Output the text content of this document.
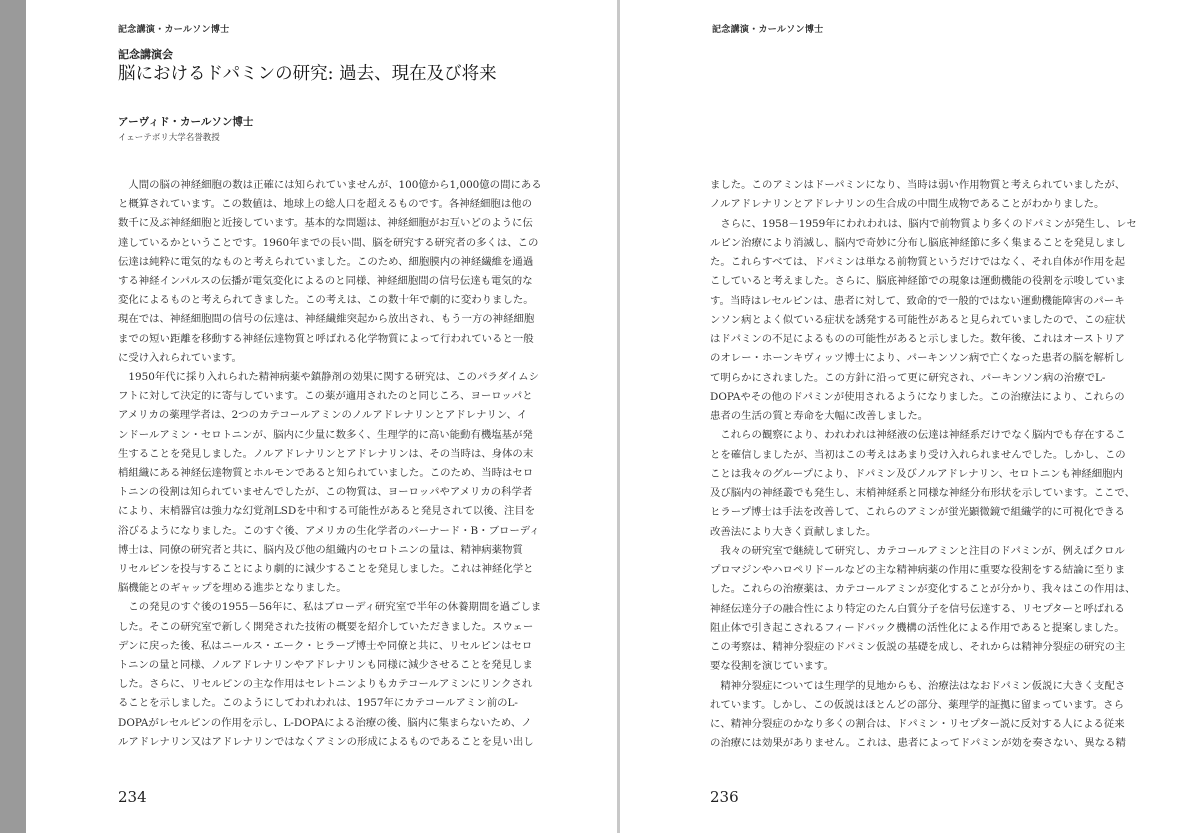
記念講演・カールソン博士
記念講演会
脳におけるドパミンの研究: 過去、現在及び将来
アーヴィド・カールソン博士
イェーテボリ大学名誉教授
　人間の脳の神経細胞の数は正確には知られていませんが、100億から1,000億の間にある
と概算されています。この数値は、地球上の総人口を超えるものです。各神経細胞は他の
数千に及ぶ神経細胞と近接しています。基本的な問題は、神経細胞がお互いどのように伝
達しているかということです。1960年までの長い間、脳を研究する研究者の多くは、この
伝達は純粋に電気的なものと考えられていました。このため、細胞膜内の神経繊維を通過
する神経インパルスの伝播が電気変化によるのと同様、神経細胞間の信号伝達も電気的な
変化によるものと考えられてきました。この考えは、この数十年で劇的に変わりました。
現在では、神経細胞間の信号の伝達は、神経繊維突起から放出され、もう一方の神経細胞
までの短い距離を移動する神経伝達物質と呼ばれる化学物質によって行われていると一般
に受け入れられています。
　1950年代に採り入れられた精神病薬や鎮静剤の効果に関する研究は、このパラダイムシ
フトに対して決定的に寄与しています。この薬が適用されたのと同じころ、ヨーロッパと
アメリカの薬理学者は、2つのカテコールアミンのノルアドレナリンとアドレナリン、イ
ンドールアミン・セロトニンが、脳内に少量に数多く、生理学的に高い能動有機塩基が発
生することを発見しました。ノルアドレナリンとアドレナリンは、その当時は、身体の末
梢組織にある神経伝達物質とホルモンであると知られていました。このため、当時はセロ
トニンの役割は知られていませんでしたが、この物質は、ヨーロッパやアメリカの科学者
により、末梢器官は強力な幻覚剤LSDを中和する可能性があると発見されて以後、注目を
浴びるようになりました。このすぐ後、アメリカの生化学者のバーナード・B・ブローディ
博士は、同僚の研究者と共に、脳内及び他の組織内のセロトニンの量は、精神病薬物質
リセルピンを投与することにより劇的に減少することを発見しました。これは神経化学と
脳機能とのギャップを埋める進歩となりました。
　この発見のすぐ後の1955－56年に、私はブローディ研究室で半年の休養期間を過ごしま
した。そこの研究室で新しく開発された技術の概要を紹介していただきました。スウェー
デンに戻った後、私はニールス・エーク・ヒラープ博士や同僚と共に、リセルピンはセロ
トニンの量と同様、ノルアドレナリンやアドレナリンも同様に減少させることを発見しま
した。さらに、リセルピンの主な作用はセレトニンよりもカテコールアミンにリンクされ
ることを示しました。このようにしてわれわれは、1957年にカテコールアミン前のL-
DOPAがレセルピンの作用を示し、L-DOPAによる治療の後、脳内に集まらないため、ノ
ルアドレナリン又はアドレナリンではなくアミンの形成によるものであることを見い出し
234
記念講演・カールソン博士
ました。このアミンはドーパミンになり、当時は弱い作用物質と考えられていましたが、
ノルアドレナリンとアドレナリンの生合成の中間生成物であることがわかりました。
　さらに、1958－1959年にわれわれは、脳内で前物質より多くのドパミンが発生し、レセ
ルピン治療により消滅し、脳内で奇妙に分布し脳底神経節に多く集まることを発見しまし
た。これらすべては、ドパミンは単なる前物質というだけではなく、それ自体が作用を起
こしていると考えました。さらに、脳底神経節での現象は運動機能の役割を示唆していま
す。当時はレセルピンは、患者に対して、致命的で一般的ではない運動機能障害のパーキ
ンソン病とよく似ている症状を誘発する可能性があると見られていましたので、この症状
はドパミンの不足によるものの可能性があると示しました。数年後、これはオーストリア
のオレー・ホーンキヴィッツ博士により、パーキンソン病で亡くなった患者の脳を解析し
て明らかにされました。この方針に沿って更に研究され、パーキンソン病の治療でL-
DOPAやその他のドパミンが使用されるようになりました。この治療法により、これらの
患者の生活の質と寿命を大幅に改善しました。
　これらの観察により、われわれは神経液の伝達は神経系だけでなく脳内でも存在するこ
とを確信しましたが、当初はこの考えはあまり受け入れられませんでした。しかし、この
ことは我々のグループにより、ドパミン及びノルアドレナリン、セロトニンも神経細胞内
及び脳内の神経叢でも発生し、末梢神経系と同様な神経分布形状を示しています。ここで、
ヒラープ博士は手法を改善して、これらのアミンが蛍光顕微鏡で組織学的に可視化できる
改善法により大きく貢献しました。
　我々の研究室で継続して研究し、カテコールアミンと注目のドパミンが、例えばクロル
プロマジンやハロペリドールなどの主な精神病薬の作用に重要な役割をする結論に至りま
した。これらの治療薬は、カテコールアミンが変化することが分かり、我々はこの作用は、
神経伝達分子の融合性により特定のたん白質分子を信号伝達する、リセプターと呼ばれる
阻止体で引き起こされるフィードバック機構の活性化による作用であると提案しました。
この考察は、精神分裂症のドパミン仮説の基礎を成し、それからは精神分裂症の研究の主
要な役割を演じています。
　精神分裂症については生理学的見地からも、治療法はなおドパミン仮説に大きく支配さ
れています。しかし、この仮説はほとんどの部分、薬理学的証拠に留まっています。さら
に、精神分裂症のかなり多くの割合は、ドパミン・リセプター説に反対する人による従来
の治療には効果がありません。これは、患者によってドパミンが効を奏さない、異なる精
236
